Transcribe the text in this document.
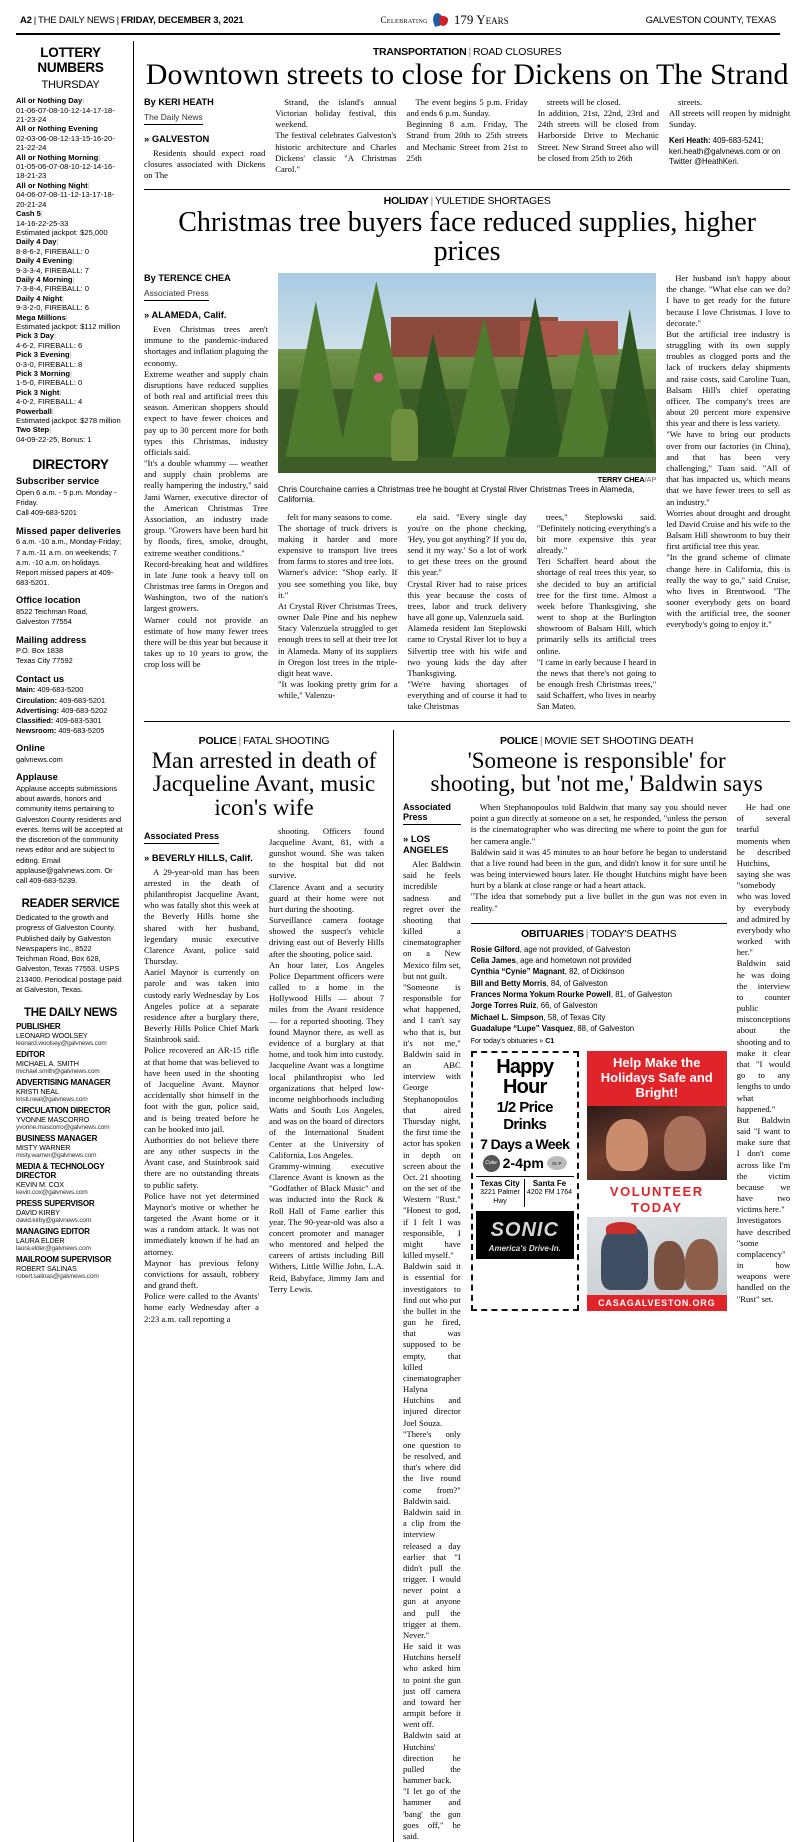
A2 | THE DAILY NEWS | FRIDAY, DECEMBER 3, 2021	Celebrating 179 Years	GALVESTON COUNTY, TEXAS
LOTTERY
NUMBERS
THURSDAY
All or Nothing Day|
01-06-07-08-10-12-14-17-18-21-23-24
All or Nothing Evening
02-03-06-08-12-13-15-16-20-21-22-24
All or Nothing Morning|
01-05-06-07-08-10-12-14-16-18-21-23
All or Nothing Night|
04-06-07-08-11-12-13-17-18-20-21-24
Cash 5|
14-16-22-25-33
Estimated jackpot: $25,000
Daily 4 Day|
8-8-6-2, FIREBALL: 0
Daily 4 Evening|
9-3-3-4, FIREBALL: 7
Daily 4 Morning|
7-3-8-4, FIREBALL: 0
Daily 4 Night|
9-3-2-0, FIREBALL: 6
Mega Millions|
Estimated jackpot: $112 million
Pick 3 Day|
4-6-2, FIREBALL: 6
Pick 3 Evening|
0-3-0, FIREBALL: 8
Pick 3 Morning|
1-5-0, FIREBALL: 0
Pick 3 Night|
4-0-2, FIREBALL: 4
Powerball|
Estimated jackpot: $278 million
Two Step|
04-09-22-25, Bonus: 1
DIRECTORY
Subscriber service
Open 6 a.m. - 5 p.m. Monday -Friday.
Call 409-683-5201
Missed paper deliveries
6 a.m. -10 a.m., Monday-Friday; 7 a.m.-11 a.m. on weekends; 7 a.m. -10 a.m. on holidays. Report missed papers at 409-683-5201.
Office location
8522 Teichman Road,
Galveston 77554
Mailing address
P.O. Box 1838
Texas City 77592
Contact us
Main: 409-683-5200
Circulation: 409-683-5201
Advertising: 409-683-5202
Classified: 409-683-5301
Newsroom: 409-683-5205
Online
galvnews.com
Applause
Applause accepts submissions about awards, honors and community items pertaining to Galveston County residents and events. Items will be accepted at the discretion of the community news editor and are subject to editing. Email applause@galvnews.com. Or call 409-683-5239.
READER SERVICE
Dedicated to the growth and progress of Galveston County. Published daily by Galveston Newspapers Inc., 8522 Teichman Road, Box 628, Galveston, Texas 77553. USPS 213400. Periodical postage paid at Galveston, Texas.
THE DAILY NEWS
PUBLISHER
LEONARD WOOLSEY
leonard.woolsey@galvnews.com
EDITOR
MICHAEL A. SMITH
michael.smith@galvnews.com
ADVERTISING MANAGER
KRISTI NEAL
kristi.neal@galvnews.com
CIRCULATION DIRECTOR
YVONNE MASCORRO
yvonne.mascorro@galvnews.com
BUSINESS MANAGER
MISTY WARNER
misty.warner@galvnews.com
MEDIA & TECHNOLOGY DIRECTOR
KEVIN M. COX
kevin.cox@galvnews.com
PRESS SUPERVISOR
DAVID KIRBY
david.kirby@galvnews.com
MANAGING EDITOR
LAURA ELDER
laura.elder@galvnews.com
MAILROOM SUPERVISOR
ROBERT SALINAS
robert.salinas@galvnews.com
TRANSPORTATION | ROAD CLOSURES
Downtown streets to close for Dickens on The Strand
By KERI HEATH
The Daily News
» GALVESTON

Residents should expect road closures associated with Dickens on The

Strand, the island's annual Victorian holiday festival, this weekend.
The festival celebrates Galveston's historic architecture and Charles Dickens' classic "A Christmas Carol."

The event begins 5 p.m. Friday and ends 6 p.m. Sunday.
Beginning 8 a.m. Friday, The Strand from 20th to 25th streets and Mechanic Street from 21st to 25th

streets will be closed.
In addition, 21st, 22nd, 23rd and 24th streets will be closed from Harborside Drive to Mechanic Street. New Strand Street also will be closed from 25th to 26th

streets.
All streets will reopen by midnight Sunday.

Keri Heath: 409-683-5241; keri.heath@galvnews.com or on Twitter @HeathKeri.
HOLIDAY | YULETIDE SHORTAGES
Christmas tree buyers face reduced supplies, higher prices
By TERENCE CHEA
Associated Press
» ALAMEDA, Calif.

Even Christmas trees aren't immune to the pandemic-induced shortages and inflation plaguing the economy.
Extreme weather and supply chain disruptions have reduced supplies of both real and artificial trees this season. American shoppers should expect to have fewer choices and pay up to 30 percent more for both types this Christmas, industry officials said.
"It's a double whammy — weather and supply chain problems are really hampering the industry," said Jami Warner, executive director of the American Christmas Tree Association, an industry trade group. "Growers have been hard hit by floods, fires, smoke, drought, extreme weather conditions."
Record-breaking heat and wildfires in late June took a heavy toll on Christmas tree farms in Oregon and Washington, two of the nation's largest growers.
Warner could not provide an estimate of how many fewer trees there will be this year but because it takes up to 10 years to grow, the crop loss will be

TERRY CHEA/AP
Chris Courchaine carries a Christmas tree he bought at Crystal River Christmas Trees in Alameda, California.

felt for many seasons to come.
The shortage of truck drivers is making it harder and more expensive to transport live trees from farms to stores and tree lots.
Warner's advice: "Shop early. If you see something you like, buy it."
At Crystal River Christmas Trees, owner Dale Pine and his nephew Stacy Valenzuela struggled to get enough trees to sell at their tree lot in Alameda. Many of its suppliers in Oregon lost trees in the triple-digit heat wave.
"It was looking pretty grim for a while," Valenzu-

ela said. "Every single day you're on the phone checking, 'Hey, you got anything?' If you do, send it my way.' So a lot of work to get these trees on the ground this year."
Crystal River had to raise prices this year because the costs of trees, labor and truck delivery have all gone up, Valenzuela said.
Alameda resident Ian Steplowski came to Crystal River lot to buy a Silvertip tree with his wife and two young kids the day after Thanksgiving.
"We're having shortages of everything and of course it had to take Christmas

trees," Steplowski said. "Definitely noticing everything's a bit more expensive this year already."
Teri Schaffert heard about the shortage of real trees this year, so she decided to buy an artificial tree for the first time. Almost a week before Thanksgiving, she went to shop at the Burlington showroom of Balsam Hill, which primarily sells its artificial trees online.
"I came in early because I heard in the news that there's not going to be enough fresh Christmas trees," said Schaffert, who lives in nearby San Mateo.

Her husband isn't happy about the change. "What else can we do? I have to get ready for the future because I love Christmas. I love to decorate."
But the artificial tree industry is struggling with its own supply troubles as clogged ports and the lack of truckers delay shipments and raise costs, said Caroline Tuan, Balsam Hill's chief operating officer. The company's trees are about 20 percent more expensive this year and there is less variety.
"We have to bring our products over from our factories (in China), and that has been very challenging," Tuan said. "All of that has impacted us, which means that we have fewer trees to sell as an industry."
Worries about drought and drought led David Cruise and his wife to the Balsam Hill showroom to buy their first artificial tree this year.
"In the grand scheme of climate change here in California, this is really the way to go," said Cruise, who lives in Brentwood. "The sooner everybody gets on board with the artificial tree, the sooner everybody's going to enjoy it."

POLICE | FATAL SHOOTING
Man arrested in death of Jacqueline Avant, music icon's wife
Associated Press
» BEVERLY HILLS, Calif.

A 29-year-old man has been arrested in the death of philanthropist Jacqueline Avant, who was fatally shot this week at the Beverly Hills home she shared with her husband, legendary music executive Clarence Avant, police said Thursday.
Aariel Maynor is currently on parole and was taken into custody early Wednesday by Los Angeles police at a separate residence after a burglary there, Beverly Hills Police Chief Mark Stainbrook said.
Police recovered an AR-15 rifle at that home that was believed to have been used in the shooting of Jacqueline Avant. Maynor accidentally shot himself in the foot with the gun, police said, and is being treated before he can be booked into jail.
Authorities do not believe there are any other suspects in the Avant case, and Stainbrook said there are no outstanding threats to public safety.
Police have not yet determined Maynor's motive or whether he targeted the Avant home or it was a random attack. It was not immediately known if he had an attorney.
Maynor has previous felony convictions for assault, robbery and grand theft.
Police were called to the Avants' home early Wednesday after a 2:23 a.m. call reporting a

shooting. Officers found Jacqueline Avant, 81, with a gunshot wound. She was taken to the hospital but did not survive.
Clarence Avant and a security guard at their home were not hurt during the shooting.
Surveillance camera footage showed the suspect's vehicle driving east out of Beverly Hills after the shooting, police said.
An hour later, Los Angeles Police Department officers were called to a home in the Hollywood Hills — about 7 miles from the Avant residence — for a reported shooting. They found Maynor there, as well as evidence of a burglary at that home, and took him into custody.
Jacqueline Avant was a longtime local philanthropist who led organizations that helped low-income neighborhoods including Watts and South Los Angeles, and was on the board of directors of the International Student Center at the University of California, Los Angeles.
Grammy-winning executive Clarence Avant is known as the "Godfather of Black Music" and was inducted into the Rock & Roll Hall of Fame earlier this year. The 90-year-old was also a concert promoter and manager who mentored and helped the careers of artists including Bill Withers, Little Willie John, L.A. Reid, Babyface, Jimmy Jam and Terry Lewis.

POLICE | MOVIE SET SHOOTING DEATH
'Someone is responsible' for
shooting, but 'not me,' Baldwin says
Associated Press
» LOS ANGELES

Alec Baldwin said he feels incredible sadness and regret over the shooting that killed a cinematographer on a New Mexico film set, but not guilt.
"Someone is responsible for what happened, and I can't say who that is, but it's not me," Baldwin said in an ABC interview with George Stephanopoulos that aired Thursday night, the first time the actor has spoken in depth on screen about the Oct. 21 shooting on the set of the Western "Rust." "Honest to god, if I felt I was responsible, I might have killed myself."
Baldwin said it is essential for investigators to find out who put the bullet in the gun he fired, that was supposed to be empty, that killed cinematographer Halyna Hutchins and injured director Joel Souza.
"There's only one question to be resolved, and that's where did the live round come from?" Baldwin said.
Baldwin said in a clip from the interview released a day earlier that "I didn't pull the trigger. I would never point a gun at anyone and pull the trigger at them. Never."
He said it was Hutchins herself who asked him to point the gun just off camera and toward her armpit before it went off.
Baldwin said at Hutchins' direction he pulled the hammer back.
"I let go of the hammer and 'bang' the gun goes off," he said.

When Stephanopoulos told Baldwin that many say you should never point a gun directly at someone on a set, he responded, "unless the person is the cinematographer who was directing me where to point the gun for her camera angle."
Baldwin said it was 45 minutes to an hour before he began to understand that a live round had been in the gun, and didn't know it for sure until he was being interviewed hours later. He thought Hutchins might have been hurt by a blank at close range or had a heart attack.
"The idea that somebody put a live bullet in the gun was not even in reality."

OBITUARIES | TODAY'S DEATHS
Rosie Gilford, age not provided, of Galveston
Celia James, age and hometown not provided
Cynthia “Cynie” Magnant, 82, of Dickinson
Bill and Betty Morris, 84, of Galveston
Frances Norma Yokum Rourke Powell, 81, of Galveston
Jorge Torres Ruiz, 66, of Galveston
Michael L. Simpson, 58, of Texas City
Guadalupe “Lupe” Vasquez, 88, of Galveston
For today's obituaries » C1
Happy Hour
1/2 Price Drinks
7 Days a Week
Coke 2-4pm	Dr P
Texas City
3221 Palmer Hwy
Santa Fe
4202 FM 1764
SONIC
America's Drive-In.
Help Make the Holidays Safe and Bright!
VOLUNTEER
TODAY
CASAGALVESTON.ORG

He had one of several tearful moments when he described Hutchins, saying she was "somebody who was loved by everybody and admired by everybody who worked with her."
Baldwin said he was doing the interview to counter public misconceptions about the shooting and to make it clear that "I would go to any lengths to undo what happened."
But Baldwin said "I want to make sure that I don't come across like I'm the victim because we have two victims here."
Investigators have described "some complacency" in how weapons were handled on the "Rust" set.
